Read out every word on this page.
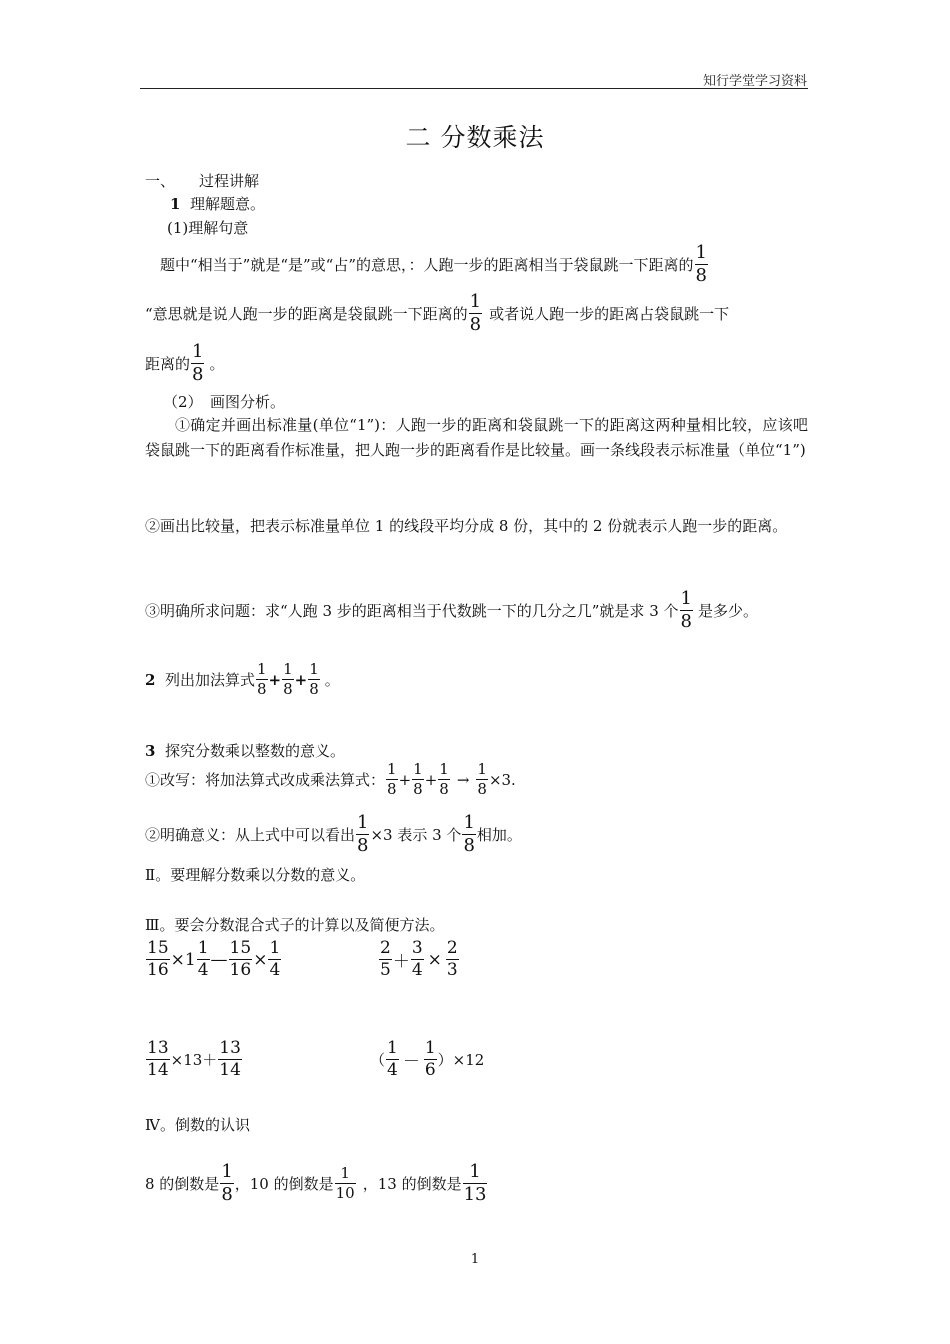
知行学堂学习资料
二 分数乘法
一、 过程讲解
1 理解题意。
(1)理解句意
题中“相当于”就是“是”或“占”的意思，：人跑一步的距离相当于袋鼠跳一下距离的 $\frac{1}{8}$
“意思就是说人跑一步的距离是袋鼠跳一下距离的 $\frac{1}{8}$ 或者说人跑一步的距离占袋鼠跳一下
距离的 $\frac{1}{8}$ 。
（2）　画图分析。
①确定并画出标准量(单位“1”)：人跑一步的距离和袋鼠跳一下的距离这两种量相比较，应该吧袋鼠跳一下的距离看作标准量，把人跑一步的距离看作是比较量。画一条线段表示标准量（单位“1”)
②画出比较量，把表示标准量单位 1 的线段平均分成 8 份，其中的 2 份就表示人跑一步的距离。
③明确所求问题：求“人跑 3 步的距离相当于代数跳一下的几分之几”就是求 3 个 $\frac{1}{8}$ 是多少。
2
列出加法算式 $\frac{1}{8} + \frac{1}{8} + \frac{1}{8}$ 。
3 探究分数乘以整数的意义。
①改写：将加法算式改成乘法算式： $\frac{1}{8} + \frac{1}{8} + \frac{1}{8} \to \frac{1}{8} \times 3$.
②明确意义：从上式中可以看出 $\frac{1}{8} \times 3$ 表示 3 个 $\frac{1}{8}$ 相加。
Ⅱ。要理解分数乘以分数的意义。
Ⅲ。要会分数混合式子的计算以及简便方法。
$\frac{15}{16} \times 1 \frac{1}{4}$ — $\frac{15}{16} \times \frac{1}{4}$	$\frac{2}{5} + \frac{3}{4} \times \frac{2}{3}$
$\frac{13}{14} \times 13+ \frac{13}{14}$	（ $\frac{1}{4} - \frac{1}{6} )\times 12$
Ⅳ。倒数的认识
8 的倒数是 $\frac{1}{8}$ ，10 的倒数是 $\frac{1}{10}$ ，13 的倒数是 $\frac{1}{13}$
1
